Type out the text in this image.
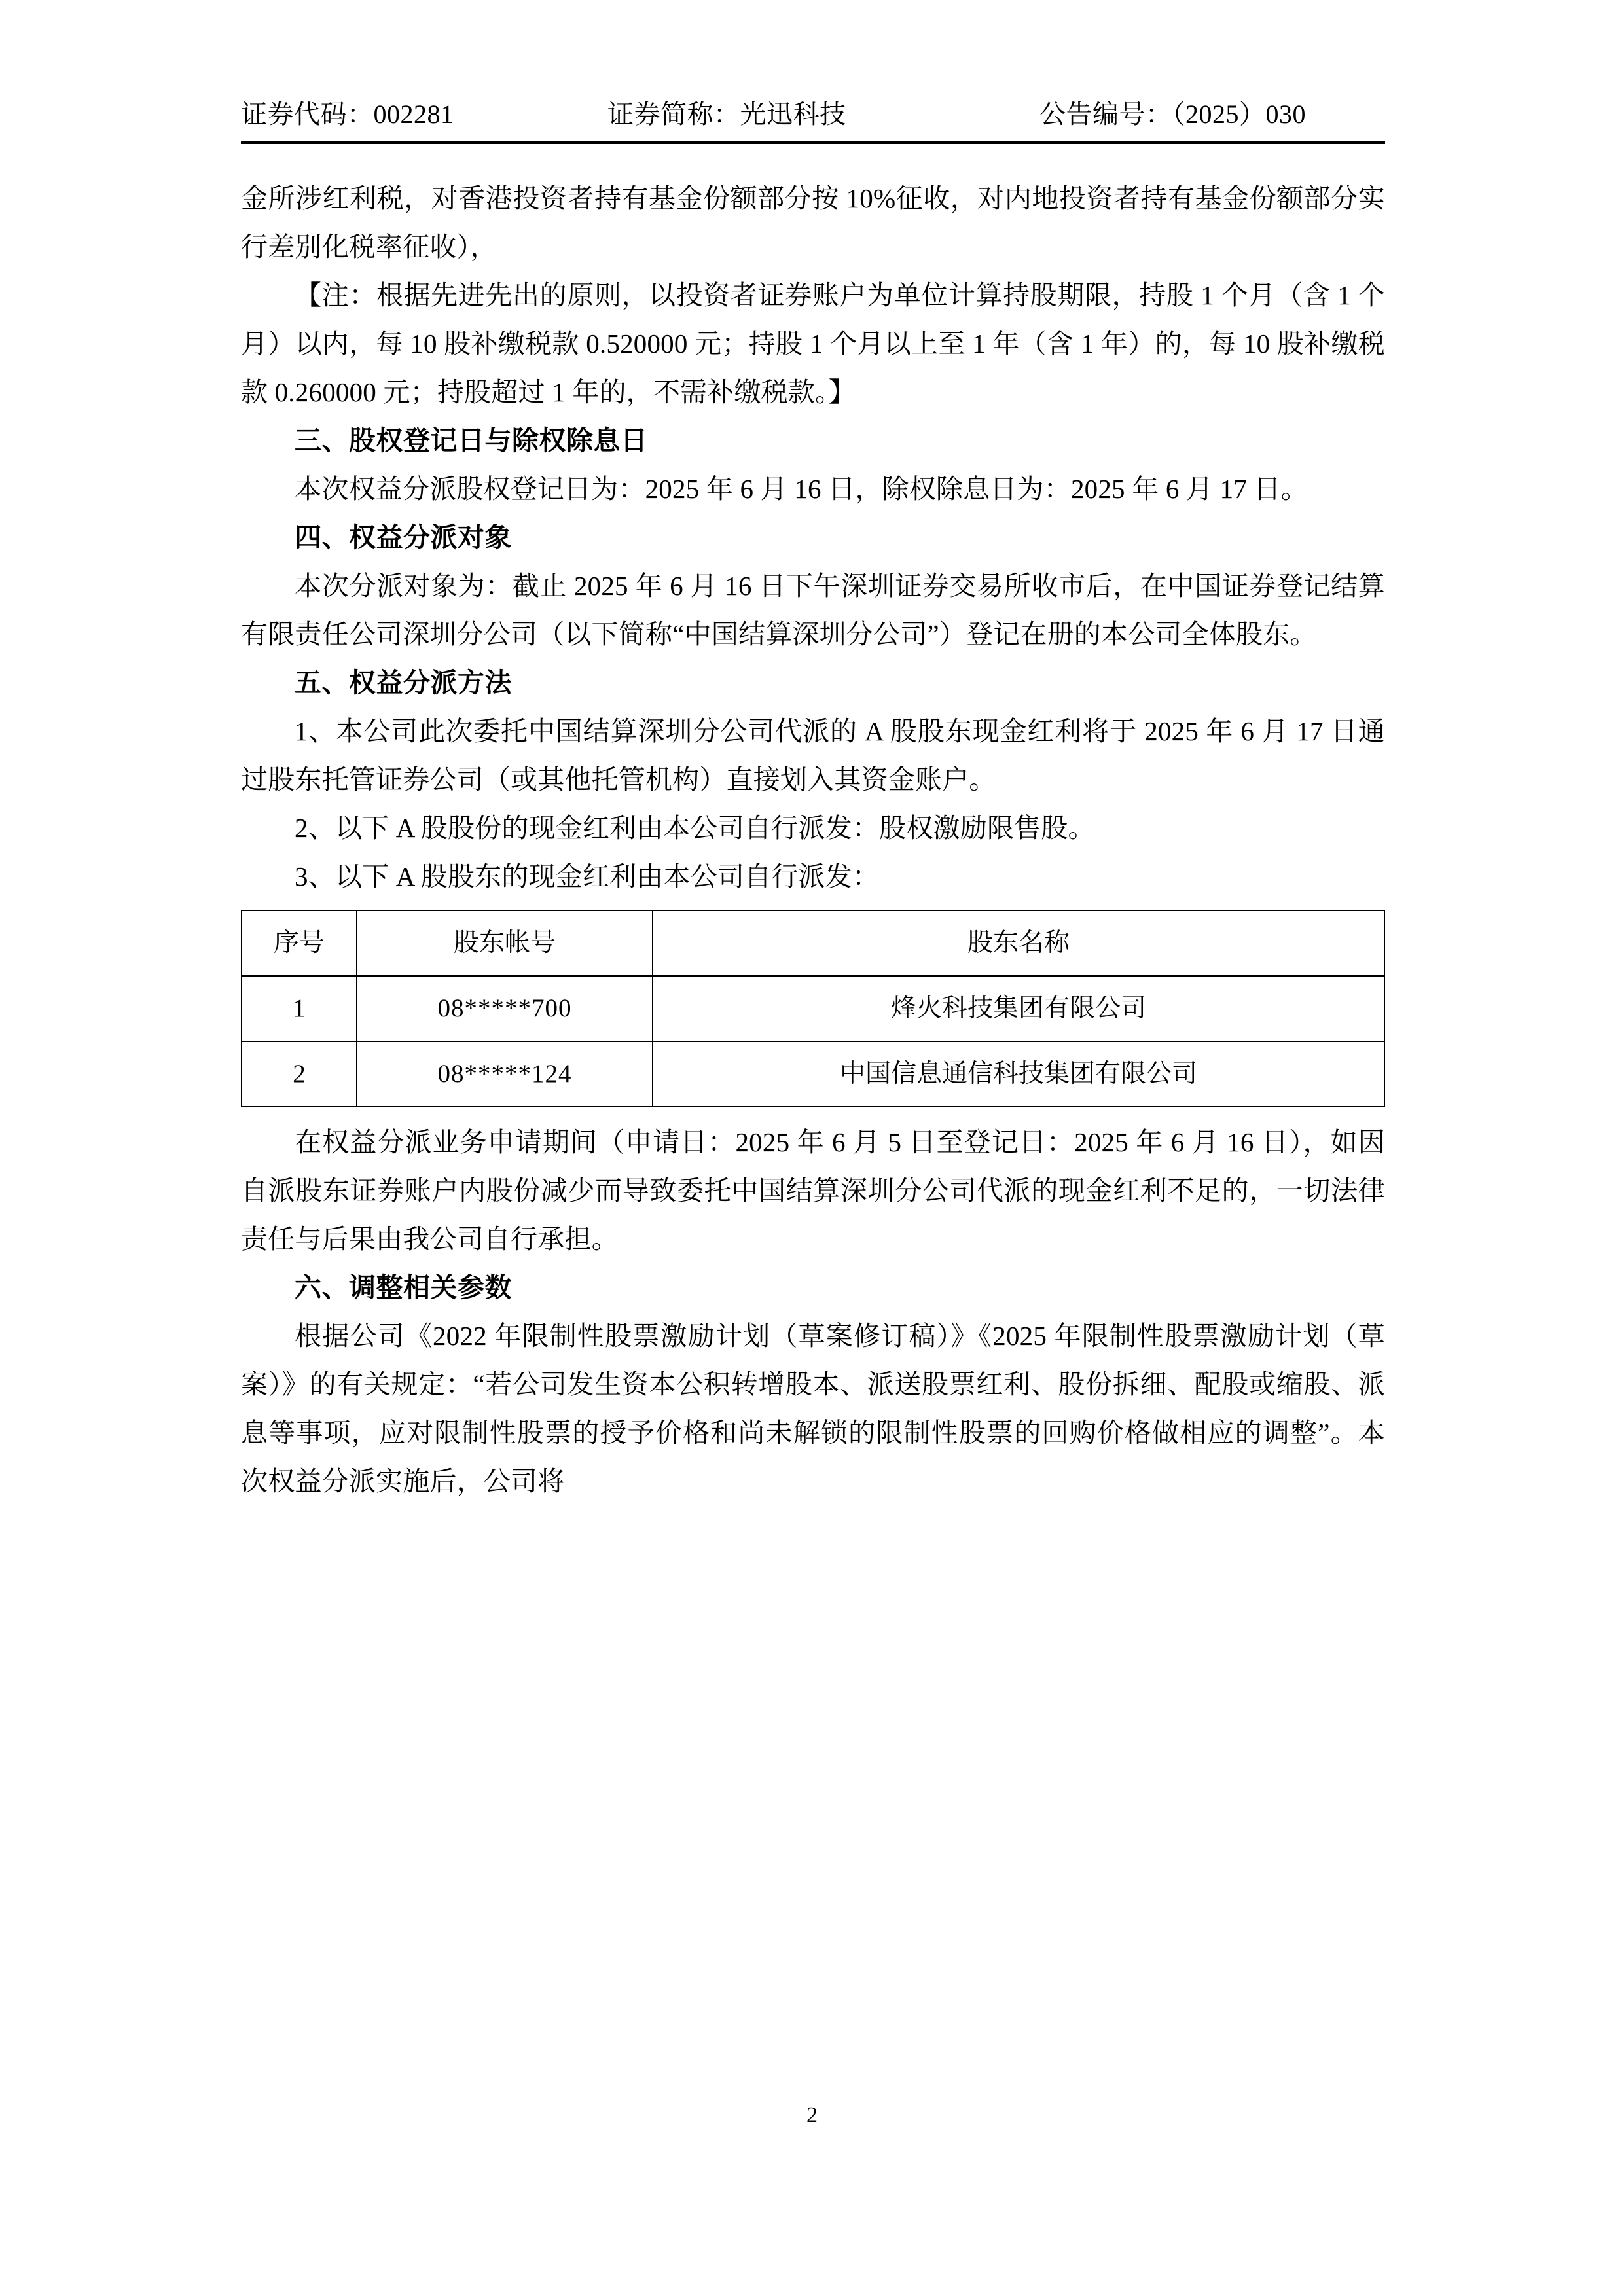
证券代码：002281	证券简称：光迅科技	公告编号：（2025）030

金所涉红利税，对香港投资者持有基金份额部分按 10%征收，对内地投资者持有基金份额部分实行差别化税率征收），

【注：根据先进先出的原则，以投资者证券账户为单位计算持股期限，持股 1 个月（含 1 个月）以内，每 10 股补缴税款 0.520000 元；持股 1 个月以上至 1 年（含 1 年）的，每 10 股补缴税款 0.260000 元；持股超过 1 年的，不需补缴税款。】

三、股权登记日与除权除息日

本次权益分派股权登记日为：2025 年 6 月 16 日，除权除息日为：2025 年 6 月 17 日。

四、权益分派对象

本次分派对象为：截止 2025 年 6 月 16 日下午深圳证券交易所收市后，在中国证券登记结算有限责任公司深圳分公司（以下简称“中国结算深圳分公司”）登记在册的本公司全体股东。

五、权益分派方法

1、本公司此次委托中国结算深圳分公司代派的 A 股股东现金红利将于 2025 年 6 月 17 日通过股东托管证券公司（或其他托管机构）直接划入其资金账户。

2、以下 A 股股份的现金红利由本公司自行派发：股权激励限售股。

3、以下 A 股股东的现金红利由本公司自行派发：

序号	股东帐号	股东名称
1	08*****700	烽火科技集团有限公司
2	08*****124	中国信息通信科技集团有限公司

在权益分派业务申请期间（申请日：2025 年 6 月 5 日至登记日：2025 年 6 月 16 日），如因自派股东证券账户内股份减少而导致委托中国结算深圳分公司代派的现金红利不足的，一切法律责任与后果由我公司自行承担。

六、调整相关参数

根据公司《2022 年限制性股票激励计划（草案修订稿）》《2025 年限制性股票激励计划（草案）》的有关规定：“若公司发生资本公积转增股本、派送股票红利、股份拆细、配股或缩股、派息等事项，应对限制性股票的授予价格和尚未解锁的限制性股票的回购价格做相应的调整”。本次权益分派实施后，公司将

2
